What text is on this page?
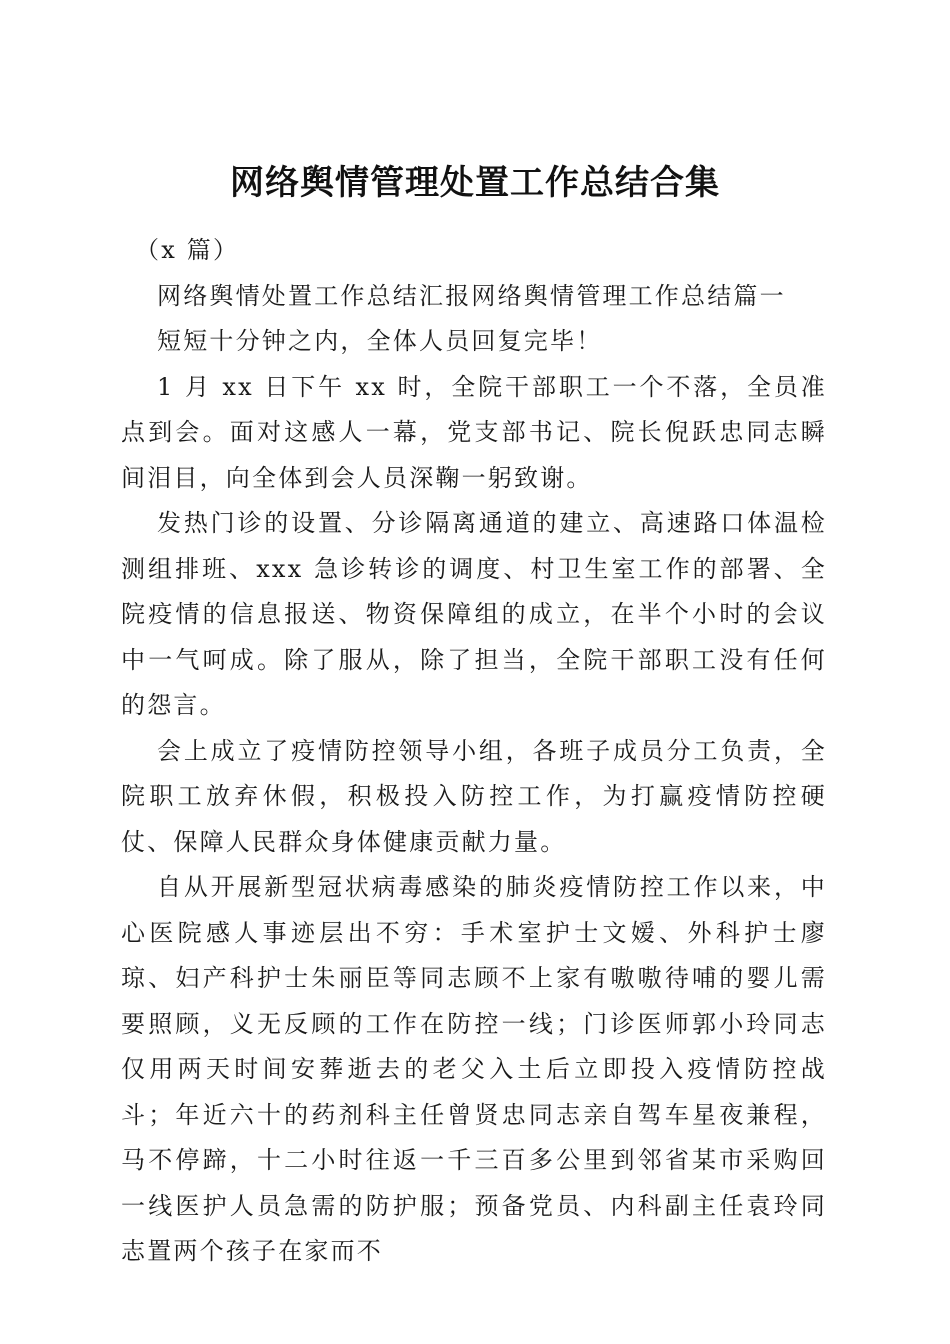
网络舆情管理处置工作总结合集

（x 篇）

网络舆情处置工作总结汇报网络舆情管理工作总结篇一

短短十分钟之内，全体人员回复完毕！

1 月 xx 日下午 xx 时，全院干部职工一个不落，全员准点到会。面对这感人一幕，党支部书记、院长倪跃忠同志瞬间泪目，向全体到会人员深鞠一躬致谢。

发热门诊的设置、分诊隔离通道的建立、高速路口体温检测组排班、xxx 急诊转诊的调度、村卫生室工作的部署、全院疫情的信息报送、物资保障组的成立，在半个小时的会议中一气呵成。除了服从，除了担当，全院干部职工没有任何的怨言。

会上成立了疫情防控领导小组，各班子成员分工负责，全院职工放弃休假，积极投入防控工作，为打赢疫情防控硬仗、保障人民群众身体健康贡献力量。

自从开展新型冠状病毒感染的肺炎疫情防控工作以来，中心医院感人事迹层出不穷：手术室护士文嫒、外科护士廖琼、妇产科护士朱丽臣等同志顾不上家有嗷嗷待哺的婴儿需要照顾，义无反顾的工作在防控一线；门诊医师郭小玲同志仅用两天时间安葬逝去的老父入土后立即投入疫情防控战斗；年近六十的药剂科主任曾贤忠同志亲自驾车星夜兼程，马不停蹄，十二小时往返一千三百多公里到邻省某市采购回一线医护人员急需的防护服；预备党员、内科副主任袁玲同志置两个孩子在家而不
